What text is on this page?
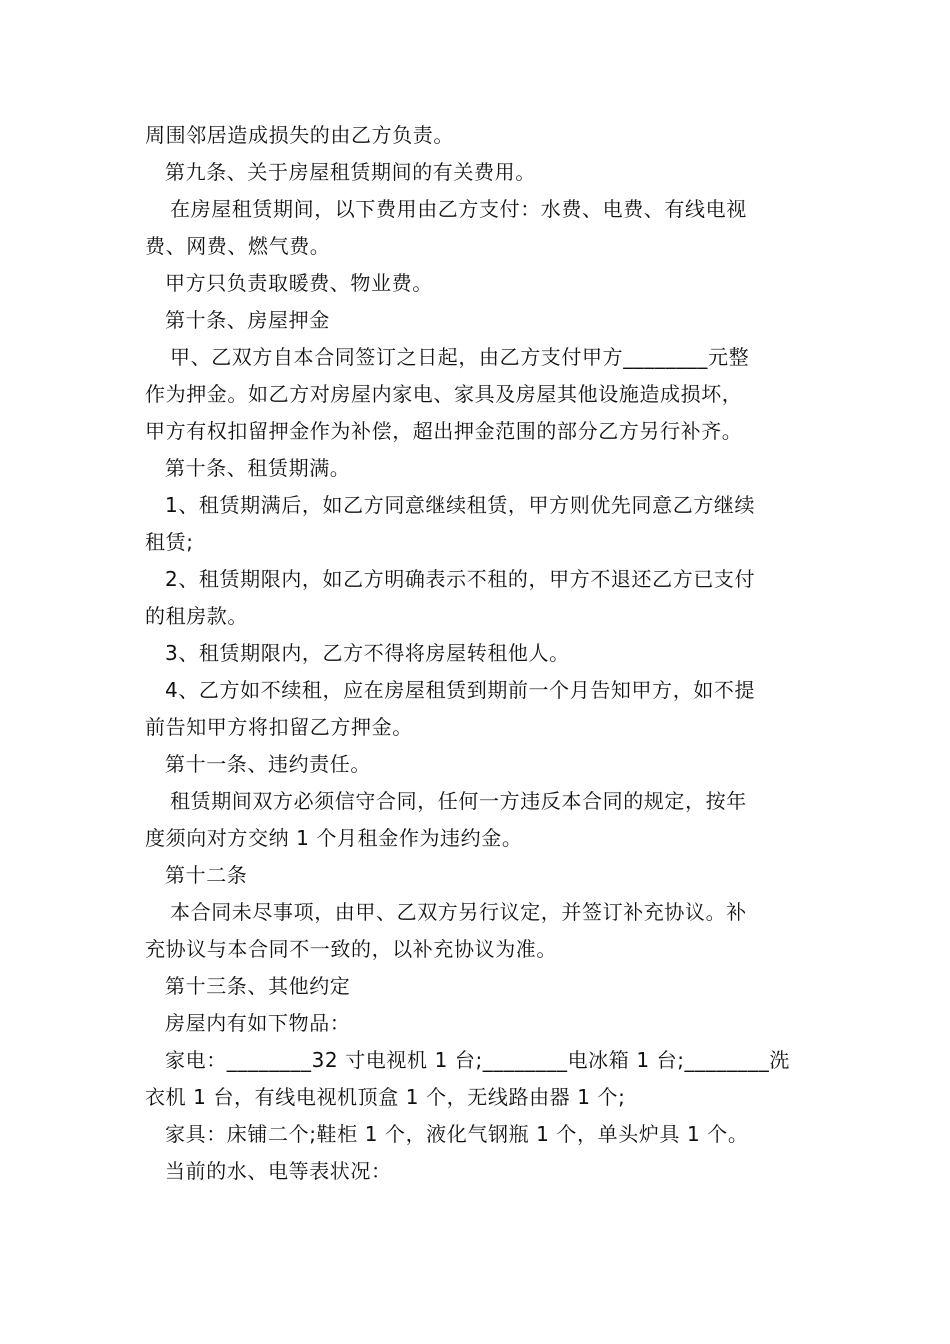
周围邻居造成损失的由乙方负责。

第九条、关于房屋租赁期间的有关费用。

在房屋租赁期间，以下费用由乙方支付：水费、电费、有线电视

费、网费、燃气费。

甲方只负责取暖费、物业费。

第十条、房屋押金

甲、乙双方自本合同签订之日起，由乙方支付甲方________元整

作为押金。如乙方对房屋内家电、家具及房屋其他设施造成损坏，

甲方有权扣留押金作为补偿，超出押金范围的部分乙方另行补齐。

第十条、租赁期满。

1、租赁期满后，如乙方同意继续租赁，甲方则优先同意乙方继续

租赁;

2、租赁期限内，如乙方明确表示不租的，甲方不退还乙方已支付

的租房款。

3、租赁期限内，乙方不得将房屋转租他人。

4、乙方如不续租，应在房屋租赁到期前一个月告知甲方，如不提

前告知甲方将扣留乙方押金。

第十一条、违约责任。

租赁期间双方必须信守合同，任何一方违反本合同的规定，按年

度须向对方交纳 1 个月租金作为违约金。

第十二条

本合同未尽事项，由甲、乙双方另行议定，并签订补充协议。补

充协议与本合同不一致的，以补充协议为准。

第十三条、其他约定

房屋内有如下物品：

家电：________32 寸电视机 1 台;________电冰箱 1 台;________洗

衣机 1 台，有线电视机顶盒 1 个，无线路由器 1 个;

家具：床铺二个;鞋柜 1 个，液化气钢瓶 1 个，单头炉具 1 个。

当前的水、电等表状况：
